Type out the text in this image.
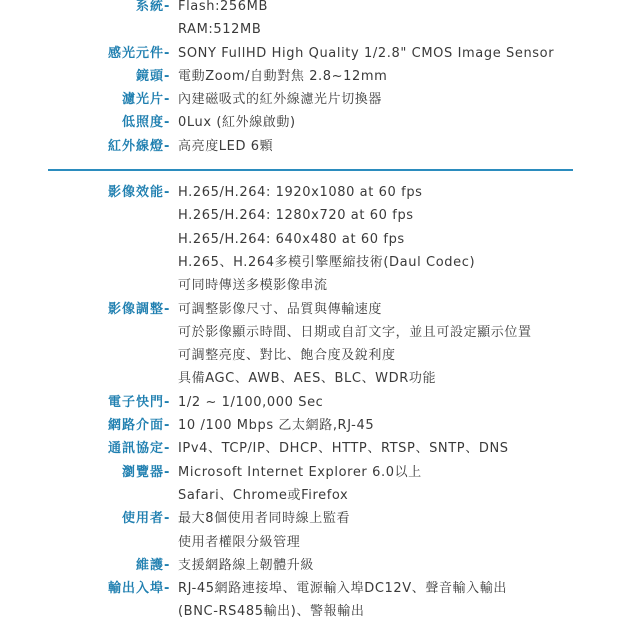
系統 - Flash:256MB
RAM:512MB
感光元件 - SONY FullHD High Quality 1/2.8" CMOS Image Sensor
鏡頭 - 電動Zoom/自動對焦 2.8~12mm
濾光片 - 內建磁吸式的紅外線濾光片切換器
低照度 - 0Lux (紅外線啟動)
紅外線燈 - 高亮度LED 6顆
影像效能 - H.265/H.264: 1920x1080 at 60 fps
H.265/H.264: 1280x720 at 60 fps
H.265/H.264: 640x480 at 60 fps
H.265、H.264多模引擎壓縮技術(Daul Codec)
可同時傳送多模影像串流
影像調整 - 可調整影像尺寸、品質與傳輸速度
可於影像顯示時間、日期或自訂文字，並且可設定顯示位置
可調整亮度、對比、飽合度及銳利度
具備AGC、AWB、AES、BLC、WDR功能
電子快門 - 1/2 ~ 1/100,000 Sec
網路介面 - 10 /100 Mbps 乙太網路,RJ-45
通訊協定 - IPv4、TCP/IP、DHCP、HTTP、RTSP、SNTP、DNS
瀏覽器 - Microsoft Internet Explorer 6.0以上
Safari、Chrome或Firefox
使用者 - 最大8個使用者同時線上監看
使用者權限分級管理
維護 - 支援網路線上韌體升級
輸出入埠 - RJ-45網路連接埠、電源輸入埠DC12V、聲音輸入輸出
(BNC-RS485輸出)、警報輸出
